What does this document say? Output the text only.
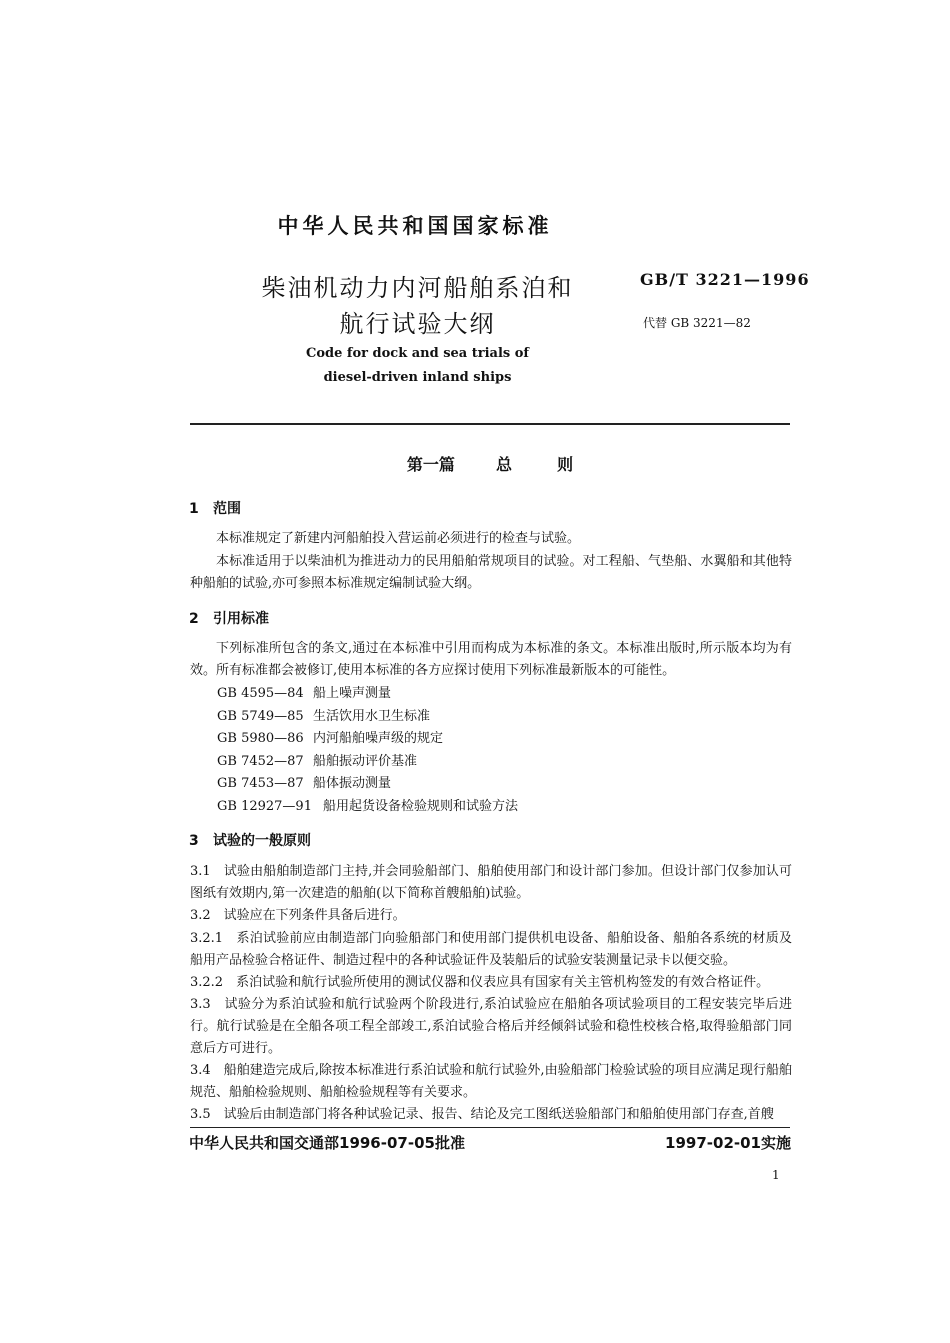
中华人民共和国国家标准
柴油机动力内河船舶系泊和
航行试验大纲
GB/T 3221—1996
代替 GB 3221—82
Code for dock and sea trials of
diesel-driven inland ships
第一篇	总	则
1 范围
本标准规定了新建内河船舶投入营运前必须进行的检查与试验。
本标准适用于以柴油机为推进动力的民用船舶常规项目的试验。对工程船、气垫船、水翼船和其他特种船舶的试验,亦可参照本标准规定编制试验大纲。
2 引用标准
下列标准所包含的条文,通过在本标准中引用而构成为本标准的条文。本标准出版时,所示版本均为有效。所有标准都会被修订,使用本标准的各方应探讨使用下列标准最新版本的可能性。
GB 4595—84 船上噪声测量
GB 5749—85 生活饮用水卫生标准
GB 5980—86 内河船舶噪声级的规定
GB 7452—87 船舶振动评价基准
GB 7453—87 船体振动测量
GB 12927—91 船用起货设备检验规则和试验方法
3 试验的一般原则
3.1　试验由船舶制造部门主持,并会同验船部门、船舶使用部门和设计部门参加。但设计部门仅参加认可图纸有效期内,第一次建造的船舶(以下简称首艘船舶)试验。
3.2　试验应在下列条件具备后进行。
3.2.1　系泊试验前应由制造部门向验船部门和使用部门提供机电设备、船舶设备、船舶各系统的材质及船用产品检验合格证件、制造过程中的各种试验证件及装船后的试验安装测量记录卡以便交验。
3.2.2　系泊试验和航行试验所使用的测试仪器和仪表应具有国家有关主管机构签发的有效合格证件。
3.3　试验分为系泊试验和航行试验两个阶段进行,系泊试验应在船舶各项试验项目的工程安装完毕后进行。航行试验是在全船各项工程全部竣工,系泊试验合格后并经倾斜试验和稳性校核合格,取得验船部门同意后方可进行。
3.4　船舶建造完成后,除按本标准进行系泊试验和航行试验外,由验船部门检验试验的项目应满足现行船舶规范、船舶检验规则、船舶检验规程等有关要求。
3.5　试验后由制造部门将各种试验记录、报告、结论及完工图纸送验船部门和船舶使用部门存查,首艘
中华人民共和国交通部1996-07-05批准	1997-02-01实施
1
